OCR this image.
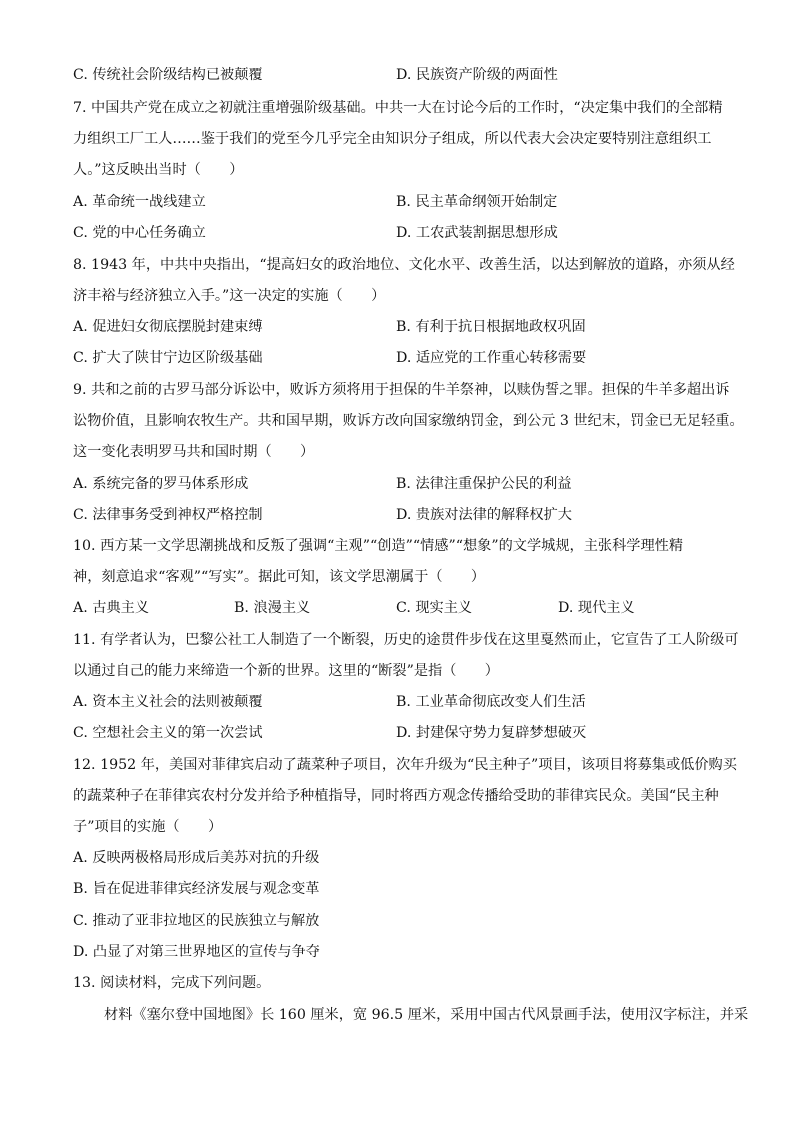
C. 传统社会阶级结构已被颠覆	D. 民族资产阶级的两面性
7. 中国共产党在成立之初就注重增强阶级基础。中共一大在讨论今后的工作时，“决定集中我们的全部精
力组织工厂工人……鉴于我们的党至今几乎完全由知识分子组成，所以代表大会决定要特别注意组织工
人。”这反映出当时（　　）
A. 革命统一战线建立	B. 民主革命纲领开始制定
C. 党的中心任务确立	D. 工农武装割据思想形成
8. 1943 年，中共中央指出，“提高妇女的政治地位、文化水平、改善生活，以达到解放的道路，亦须从经
济丰裕与经济独立入手。”这一决定的实施（　　）
A. 促进妇女彻底摆脱封建束缚	B. 有利于抗日根据地政权巩固
C. 扩大了陕甘宁边区阶级基础	D. 适应党的工作重心转移需要
9. 共和之前的古罗马部分诉讼中，败诉方须将用于担保的牛羊祭神，以赎伪誓之罪。担保的牛羊多超出诉
讼物价值，且影响农牧生产。共和国早期，败诉方改向国家缴纳罚金，到公元 3 世纪末，罚金已无足轻重。
这一变化表明罗马共和国时期（　　）
A. 系统完备的罗马体系形成	B. 法律注重保护公民的利益
C. 法律事务受到神权严格控制	D. 贵族对法律的解释权扩大
10. 西方某一文学思潮挑战和反叛了强调“主观”“创造”“情感”“想象”的文学城规，主张科学理性精
神，刻意追求“客观”“写实”。据此可知，该文学思潮属于（　　）
A. 古典主义	B. 浪漫主义	C. 现实主义	D. 现代主义
11. 有学者认为，巴黎公社工人制造了一个断裂，历史的途贯件步伐在这里戛然而止，它宣告了工人阶级可
以通过自己的能力来缔造一个新的世界。这里的“断裂”是指（　　）
A. 资本主义社会的法则被颠覆	B. 工业革命彻底改变人们生活
C. 空想社会主义的第一次尝试	D. 封建保守势力复辟梦想破灭
12. 1952 年，美国对菲律宾启动了蔬菜种子项目，次年升级为“民主种子”项目，该项目将募集或低价购买
的蔬菜种子在菲律宾农村分发并给予种植指导，同时将西方观念传播给受助的菲律宾民众。美国“民主种
子”项目的实施（　　）
A. 反映两极格局形成后美苏对抗的升级
B. 旨在促进菲律宾经济发展与观念变革
C. 推动了亚非拉地区的民族独立与解放
D. 凸显了对第三世界地区的宣传与争夺
13. 阅读材料，完成下列问题。
材料《塞尔登中国地图》长 160 厘米，宽 96.5 厘米，采用中国古代风景画手法，使用汉字标注，并采
